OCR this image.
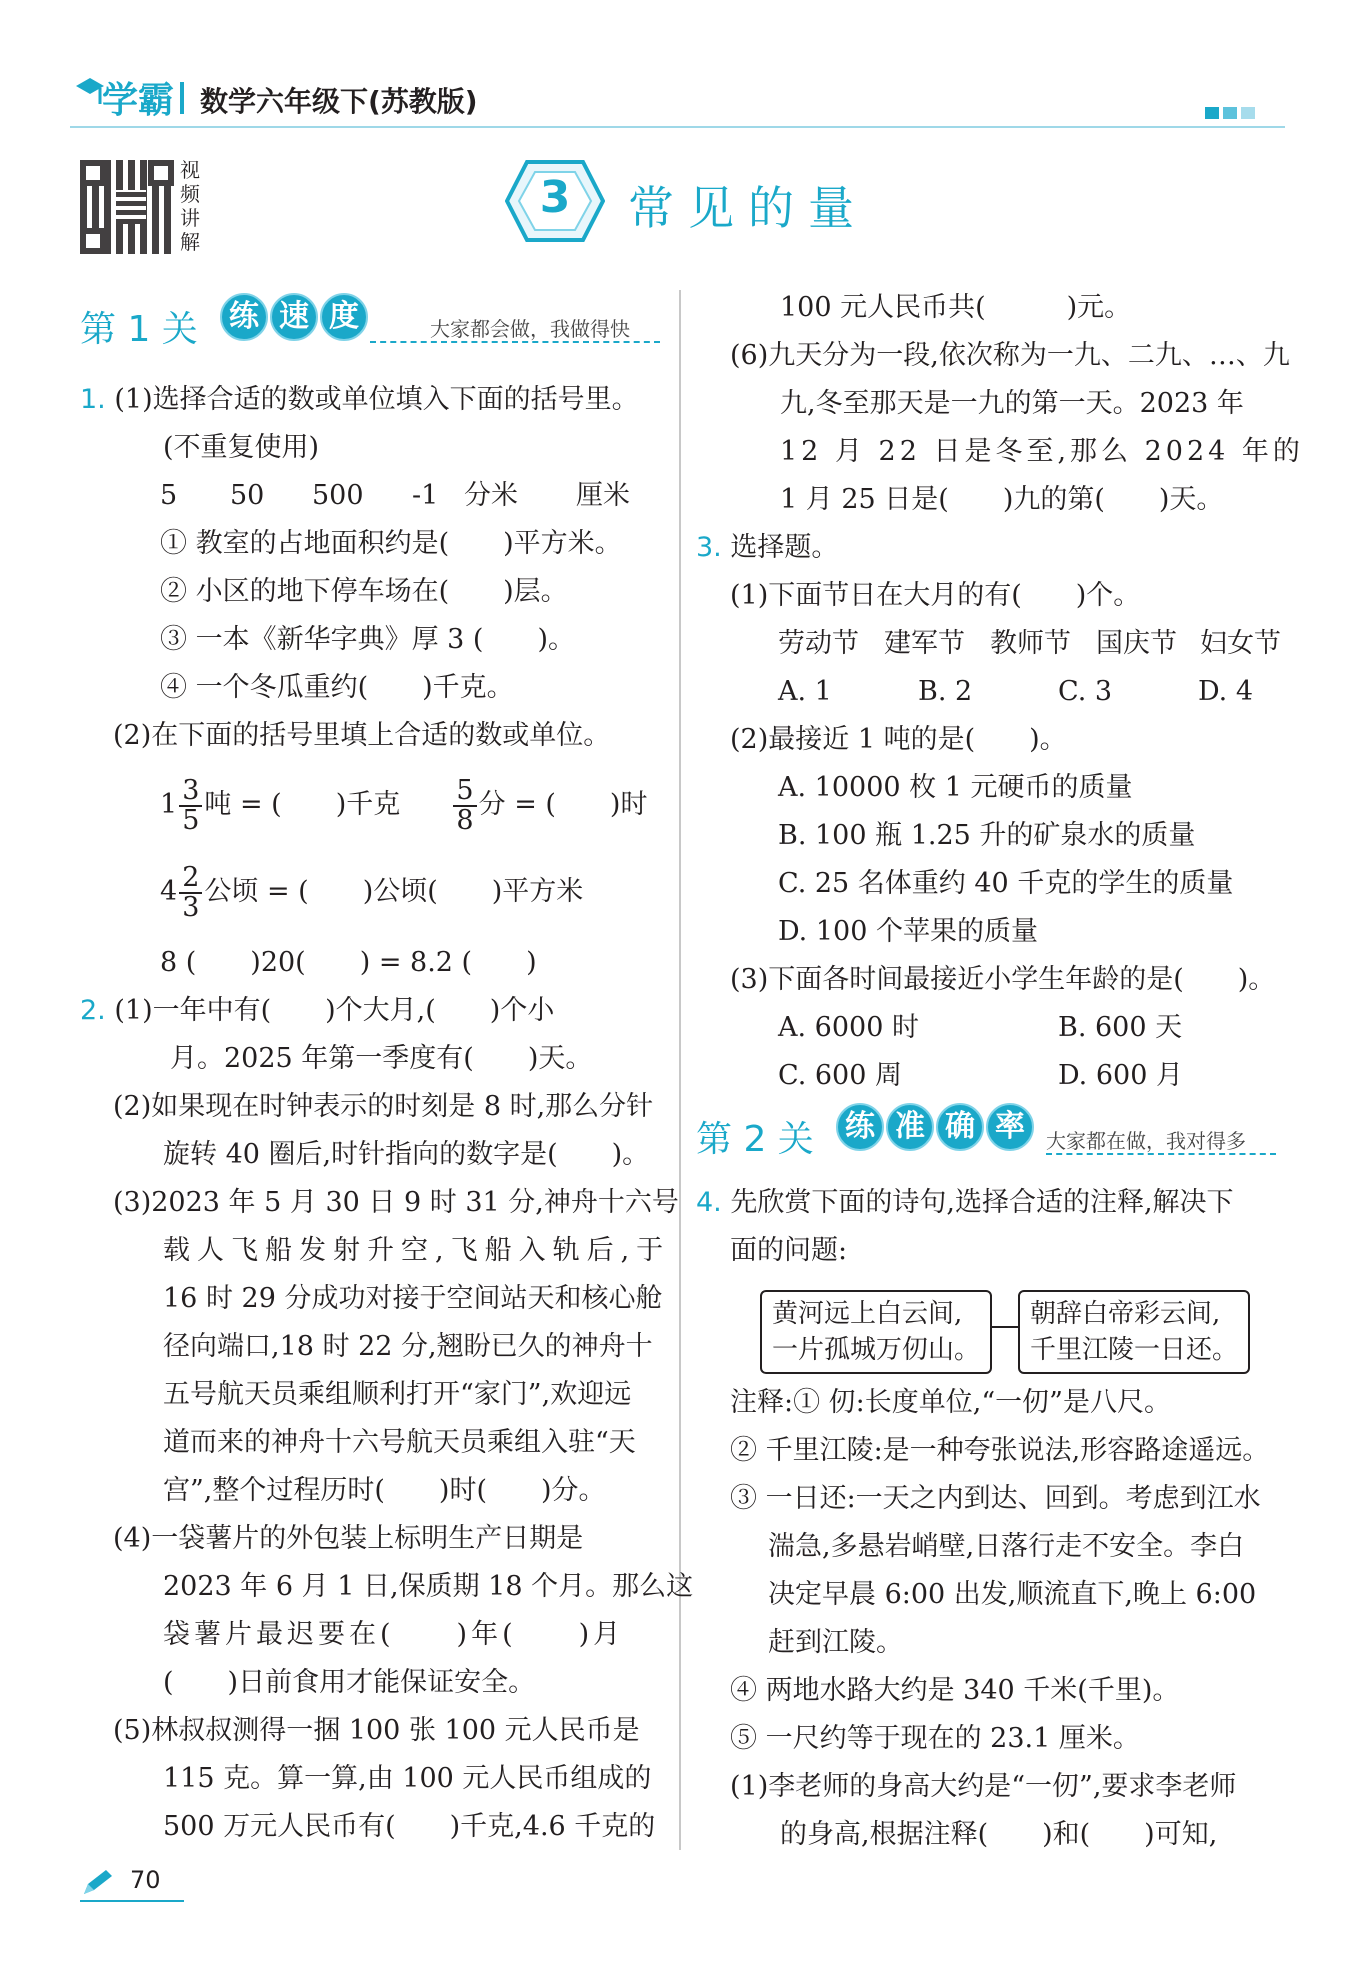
学霸 数学六年级下(苏教版)
视
频
讲
解
3	常见的量
第 1 关	练 速 度	大家都会做，我做得快
1. (1)选择合适的数或单位填入下面的括号里。
(不重复使用)
5 50 500 -1 分米 厘米
① 教室的占地面积约是(　　)平方米。
② 小区的地下停车场在(　　)层。
③ 一本《新华字典》厚 3 (　　)。
④ 一个冬瓜重约(　　)千克。
(2)在下面的括号里填上合适的数或单位。
$1 \frac{3}{5}$ 吨 = (　　)千克 $\frac{5}{8}$ 分 = (　　)时
$4 \frac{2}{3}$ 公顷 = (　　)公顷(　　)平方米
8 (　　)20(　　) = 8.2 (　　)
2. (1)一年中有(　　)个大月,(　　)个小
月。2025 年第一季度有(　　)天。
(2)如果现在时钟表示的时刻是 8 时,那么分针
旋转 40 圈后,时针指向的数字是(　　)。
(3)2023 年 5 月 30 日 9 时 31 分,神舟十六号
载人飞船发射升空,飞船入轨后,于
16 时 29 分成功对接于空间站天和核心舱
径向端口,18 时 22 分,翘盼已久的神舟十
五号航天员乘组顺利打开“家门”,欢迎远
道而来的神舟十六号航天员乘组入驻“天
宫”,整个过程历时(　　)时(　　)分。
(4)一袋薯片的外包装上标明生产日期是
2023 年 6 月 1 日,保质期 18 个月。那么这
袋薯片最迟要在(　　)年(　　)月
(　　)日前食用才能保证安全。
(5)林叔叔测得一捆 100 张 100 元人民币是
115 克。算一算,由 100 元人民币组成的
500 万元人民币有(　　)千克,4.6 千克的
100 元人民币共(　　　)元。
(6)九天分为一段,依次称为一九、二九、…、九
九,冬至那天是一九的第一天。2023 年
12 月 22 日是冬至,那么 2024 年的
1 月 25 日是(　　)九的第(　　)天。
3. 选择题。
(1)下面节日在大月的有(　　)个。
劳动节 建军节 教师节 国庆节 妇女节
A. 1	B. 2	C. 3	D. 4
(2)最接近 1 吨的是(　　)。
A. 10000 枚 1 元硬币的质量
B. 100 瓶 1.25 升的矿泉水的质量
C. 25 名体重约 40 千克的学生的质量
D. 100 个苹果的质量
(3)下面各时间最接近小学生年龄的是(　　)。
A. 6000 时	B. 600 天
C. 600 周	D. 600 月
第 2 关	练 准 确 率	大家都在做，我对得多
4. 先欣赏下面的诗句,选择合适的注释,解决下
面的问题:
黄河远上白云间,
一片孤城万仞山。
朝辞白帝彩云间,
千里江陵一日还。
注释:① 仞:长度单位,“一仞”是八尺。
② 千里江陵:是一种夸张说法,形容路途遥远。
③ 一日还:一天之内到达、回到。考虑到江水
湍急,多悬岩峭壁,日落行走不安全。李白
决定早晨 6:00 出发,顺流直下,晚上 6:00
赶到江陵。
④ 两地水路大约是 340 千米(千里)。
⑤ 一尺约等于现在的 23.1 厘米。
(1)李老师的身高大约是“一仞”,要求李老师
的身高,根据注释(　　)和(　　)可知,
70
